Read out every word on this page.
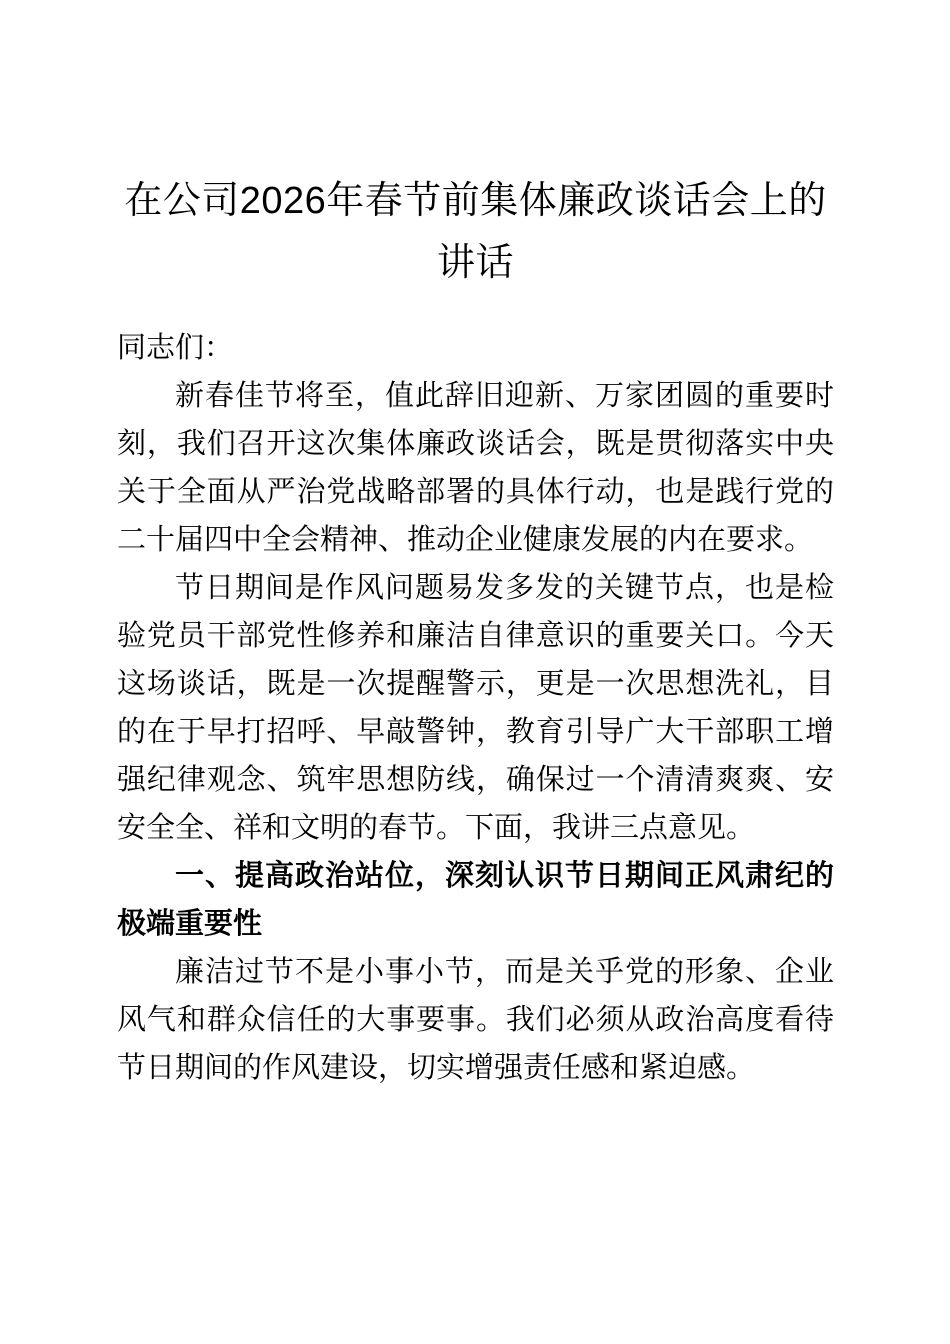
在公司2026年春节前集体廉政谈话会上的讲话

同志们：

新春佳节将至，值此辞旧迎新、万家团圆的重要时刻，我们召开这次集体廉政谈话会，既是贯彻落实中央关于全面从严治党战略部署的具体行动，也是践行党的二十届四中全会精神、推动企业健康发展的内在要求。

节日期间是作风问题易发多发的关键节点，也是检验党员干部党性修养和廉洁自律意识的重要关口。今天这场谈话，既是一次提醒警示，更是一次思想洗礼，目的在于早打招呼、早敲警钟，教育引导广大干部职工增强纪律观念、筑牢思想防线，确保过一个清清爽爽、安安全全、祥和文明的春节。下面，我讲三点意见。

一、提高政治站位，深刻认识节日期间正风肃纪的极端重要性

廉洁过节不是小事小节，而是关乎党的形象、企业风气和群众信任的大事要事。我们必须从政治高度看待节日期间的作风建设，切实增强责任感和紧迫感。
